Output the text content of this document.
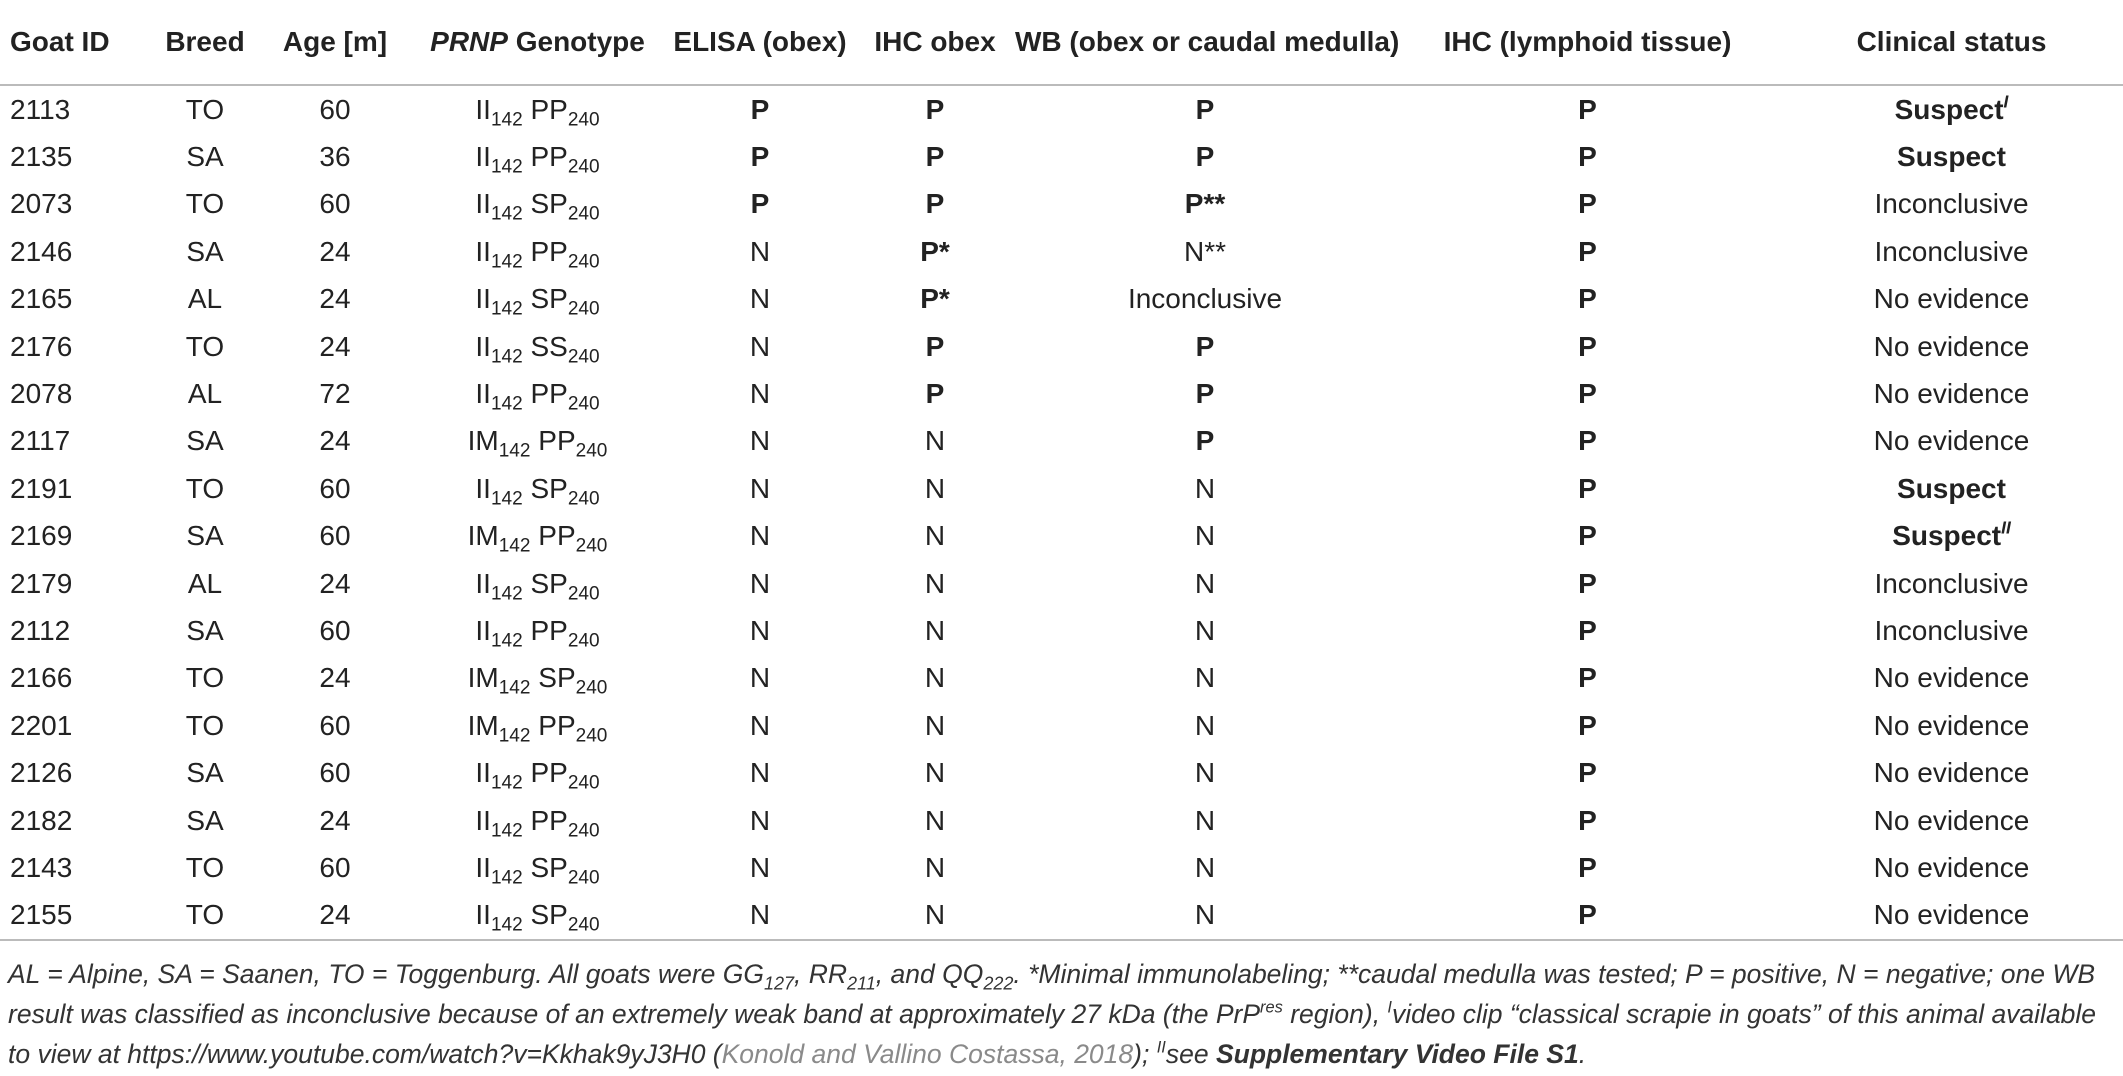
Goat ID	Breed	Age [m]	PRNP Genotype	ELISA (obex)	IHC obex	WB (obex or caudal medulla)	IHC (lymphoid tissue)	Clinical status
2113	TO	60	$II_{142}$ $PP_{240}$	P	P	P	P	Suspect$^I$
2135	SA	36	$II_{142}$ $PP_{240}$	P	P	P	P	Suspect
2073	TO	60	$II_{142}$ $SP_{240}$	P	P	P**	P	Inconclusive
2146	SA	24	$II_{142}$ $PP_{240}$	N	P*	N**	P	Inconclusive
2165	AL	24	$II_{142}$ $SP_{240}$	N	P*	Inconclusive	P	No evidence
2176	TO	24	$II_{142}$ $SS_{240}$	N	P	P	P	No evidence
2078	AL	72	$II_{142}$ $PP_{240}$	N	P	P	P	No evidence
2117	SA	24	$IM_{142}$ $PP_{240}$	N	N	P	P	No evidence
2191	TO	60	$II_{142}$ $SP_{240}$	N	N	N	P	Suspect
2169	SA	60	$IM_{142}$ $PP_{240}$	N	N	N	P	Suspect$^{II}$
2179	AL	24	$II_{142}$ $SP_{240}$	N	N	N	P	Inconclusive
2112	SA	60	$II_{142}$ $PP_{240}$	N	N	N	P	Inconclusive
2166	TO	24	$IM_{142}$ $SP_{240}$	N	N	N	P	No evidence
2201	TO	60	$IM_{142}$ $PP_{240}$	N	N	N	P	No evidence
2126	SA	60	$II_{142}$ $PP_{240}$	N	N	N	P	No evidence
2182	SA	24	$II_{142}$ $PP_{240}$	N	N	N	P	No evidence
2143	TO	60	$II_{142}$ $SP_{240}$	N	N	N	P	No evidence
2155	TO	24	$II_{142}$ $SP_{240}$	N	N	N	P	No evidence
AL = Alpine, SA = Saanen, TO = Toggenburg. All goats were $GG_{127}$, $RR_{211}$, and $QQ_{222}$. *Minimal immunolabeling; **caudal medulla was tested; P = positive, N = negative; one WB result was classified as inconclusive because of an extremely weak band at approximately 27 kDa (the PrP$^{res}$ region), $^I$video clip “classical scrapie in goats” of this animal available to view at https://www.youtube.com/watch?v=Kkhak9yJ3H0 (Konold and Vallino Costassa, 2018); $^{II}$see Supplementary Video File S1.
